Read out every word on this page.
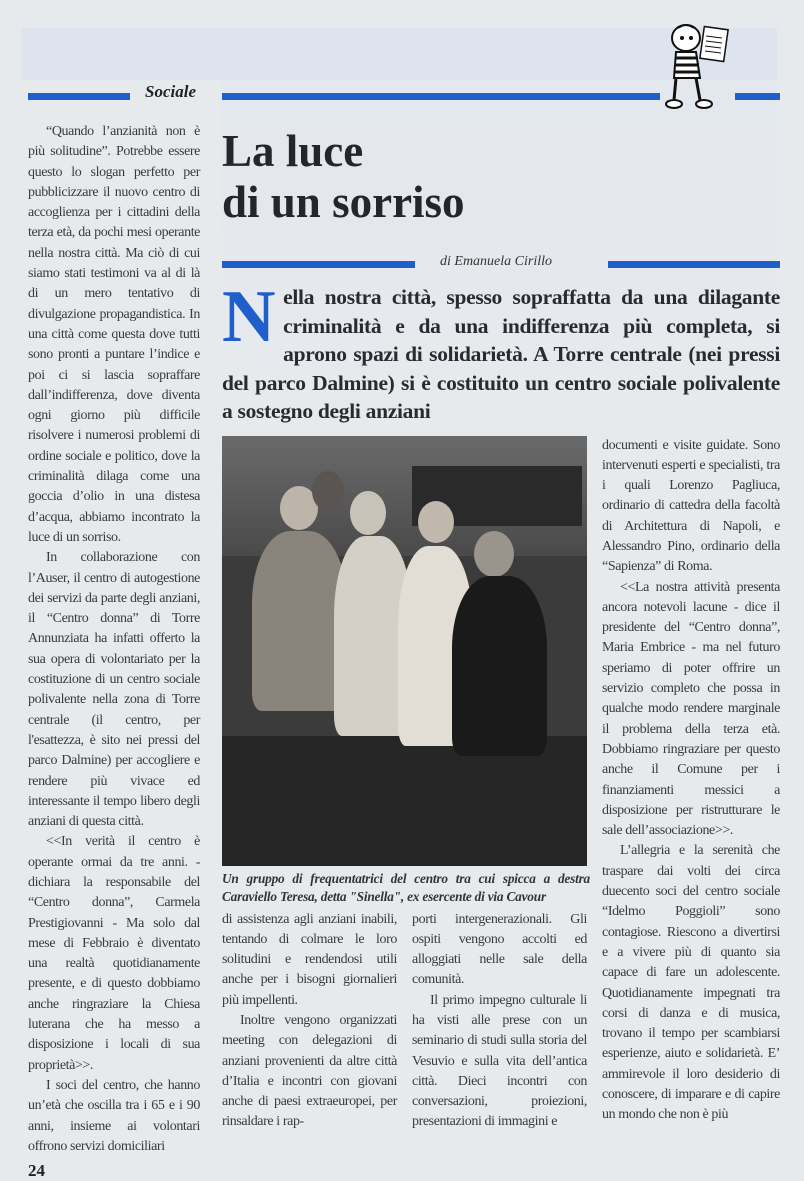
Sociale
La luce
di un sorriso
di Emanuela Cirillo

“Quando l’anzianità non è più solitudine”. Potrebbe essere questo lo slogan perfetto per pubblicizzare il nuovo centro di accoglienza per i cittadini della terza età, da pochi mesi operante nella nostra città. Ma ciò di cui siamo stati testimoni va al di là di un mero tentativo di divulgazione propagandistica. In una città come questa dove tutti sono pronti a puntare l’indice e poi ci si lascia sopraffare dall’indifferenza, dove diventa ogni giorno più difficile risolvere i numerosi problemi di ordine sociale e politico, dove la criminalità dilaga come una goccia d’olio in una distesa d’acqua, abbiamo incontrato la luce di un sorriso.

In collaborazione con l’Auser, il centro di autogestione dei servizi da parte degli anziani, il “Centro donna” di Torre Annunziata ha infatti offerto la sua opera di volontariato per la costituzione di un centro sociale polivalente nella zona di Torre centrale (il centro, per l'esattezza, è sito nei pressi del parco Dalmine) per accogliere e rendere più vivace ed interessante il tempo libero degli anziani di questa città.

<<In verità il centro è operante ormai da tre anni. - dichiara la responsabile del “Centro donna”, Carmela Prestigiovanni - Ma solo dal mese di Febbraio è diventato una realtà quotidianamente presente, e di questo dobbiamo anche ringraziare la Chiesa luterana che ha messo a disposizione i locali di sua proprietà>>.

I soci del centro, che hanno un’età che oscilla tra i 65 e i 90 anni, insieme ai volontari offrono servizi domiciliari

24
Nella nostra città, spesso sopraffatta da una dilagante criminalità e da una indifferenza più completa, si aprono spazi di solidarietà. A Torre centrale (nei pressi del parco Dalmine) si è costituito un centro sociale polivalente a sostegno degli anziani
Un gruppo di frequentatrici del centro tra cui spicca a destra Caraviello Teresa, detta "Sinella", ex esercente di via Cavour

di assistenza agli anziani inabili, tentando di colmare le loro solitudini e rendendosi utili anche per i bisogni giornalieri più impellenti.

Inoltre vengono organizzati meeting con delegazioni di anziani provenienti da altre città d’Italia e incontri con giovani anche di paesi extraeuropei, per rinsaldare i rap-

porti intergenerazionali. Gli ospiti vengono accolti ed alloggiati nelle sale della comunità.

Il primo impegno culturale li ha visti alle prese con un seminario di studi sulla storia del Vesuvio e sulla vita dell’antica città. Dieci incontri con conversazioni, proiezioni, presentazioni di immagini e

documenti e visite guidate. Sono intervenuti esperti e specialisti, tra i quali Lorenzo Pagliuca, ordinario di cattedra della facoltà di Architettura di Napoli, e Alessandro Pino, ordinario della “Sapienza” di Roma.

<<La nostra attività presenta ancora notevoli lacune - dice il presidente del “Centro donna”, Maria Embrice - ma nel futuro speriamo di poter offrire un servizio completo che possa in qualche modo rendere marginale il problema della terza età. Dobbiamo ringraziare per questo anche il Comune per i finanziamenti messici a disposizione per ristrutturare le sale dell’associazione>>.

L’allegria e la serenità che traspare dai volti dei circa duecento soci del centro sociale “Idelmo Poggioli” sono contagiose. Riescono a divertirsi e a vivere più di quanto sia capace di fare un adolescente. Quotidianamente impegnati tra corsi di danza e di musica, trovano il tempo per scambiarsi esperienze, aiuto e solidarietà. E’ ammirevole il loro desiderio di conoscere, di imparare e di capire un mondo che non è più
